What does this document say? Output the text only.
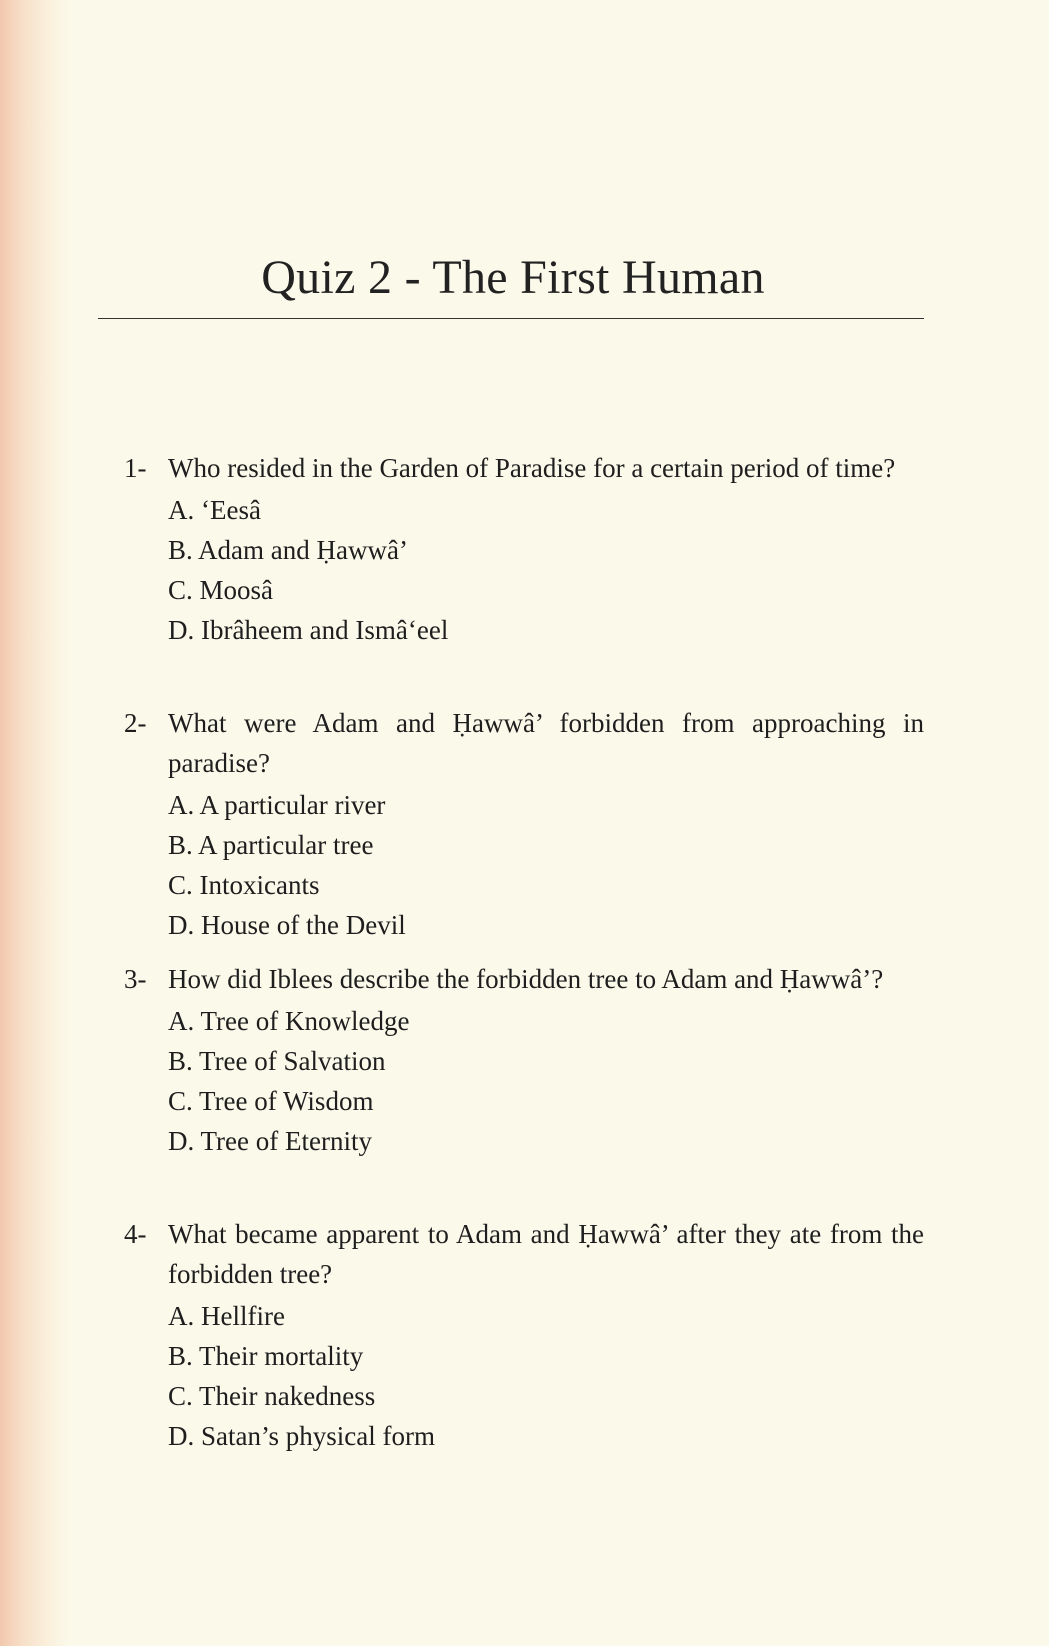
Quiz 2 - The First Human
1- Who resided in the Garden of Paradise for a certain period of time?
A. ‘Eesâ
B. Adam and Ḥawwâ’
C. Moosâ
D. Ibrâheem and Ismâ‘eel
2- What were Adam and Ḥawwâ’ forbidden from approaching in paradise?
A. A particular river
B. A particular tree
C. Intoxicants
D. House of the Devil
3- How did Iblees describe the forbidden tree to Adam and Ḥawwâ’?
A. Tree of Knowledge
B. Tree of Salvation
C. Tree of Wisdom
D. Tree of Eternity
4- What became apparent to Adam and Ḥawwâ’ after they ate from the forbidden tree?
A. Hellfire
B. Their mortality
C. Their nakedness
D. Satan’s physical form
